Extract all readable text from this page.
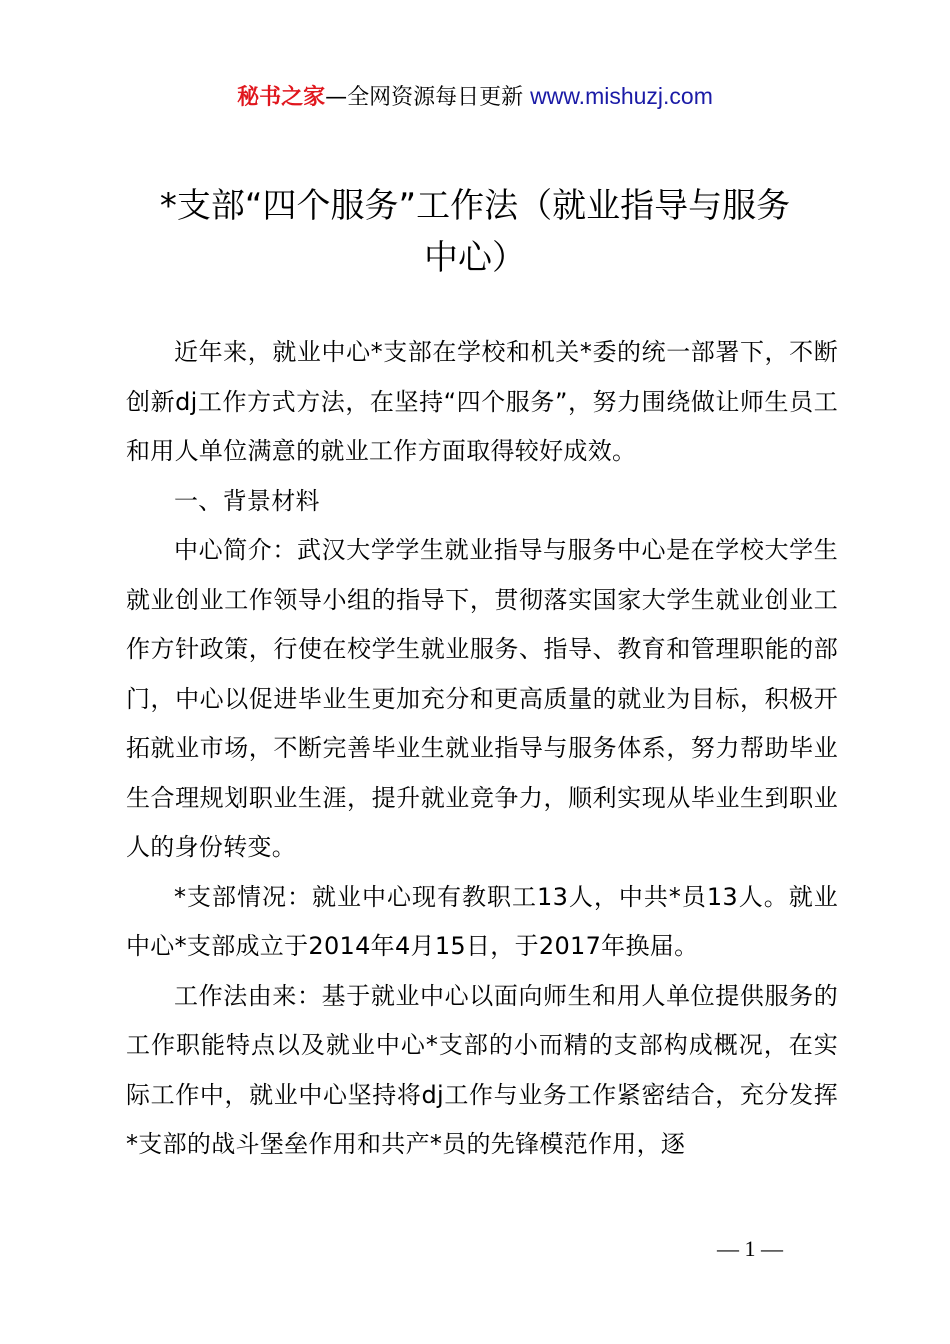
秘书之家—全网资源每日更新 www.mishuzj.com
*支部“四个服务”工作法（就业指导与服务
中心）

近年来，就业中心*支部在学校和机关*委的统一部署下，不断创新dj工作方式方法，在坚持“四个服务”，努力围绕做让师生员工和用人单位满意的就业工作方面取得较好成效。

一、背景材料

中心简介：武汉大学学生就业指导与服务中心是在学校大学生就业创业工作领导小组的指导下，贯彻落实国家大学生就业创业工作方针政策，行使在校学生就业服务、指导、教育和管理职能的部门，中心以促进毕业生更加充分和更高质量的就业为目标，积极开拓就业市场，不断完善毕业生就业指导与服务体系，努力帮助毕业生合理规划职业生涯，提升就业竞争力，顺利实现从毕业生到职业人的身份转变。

*支部情况：就业中心现有教职工13人，中共*员13人。就业中心*支部成立于2014年4月15日，于2017年换届。

工作法由来：基于就业中心以面向师生和用人单位提供服务的工作职能特点以及就业中心*支部的小而精的支部构成概况，在实际工作中，就业中心坚持将dj工作与业务工作紧密结合，充分发挥*支部的战斗堡垒作用和共产*员的先锋模范作用，逐

— 1 —
